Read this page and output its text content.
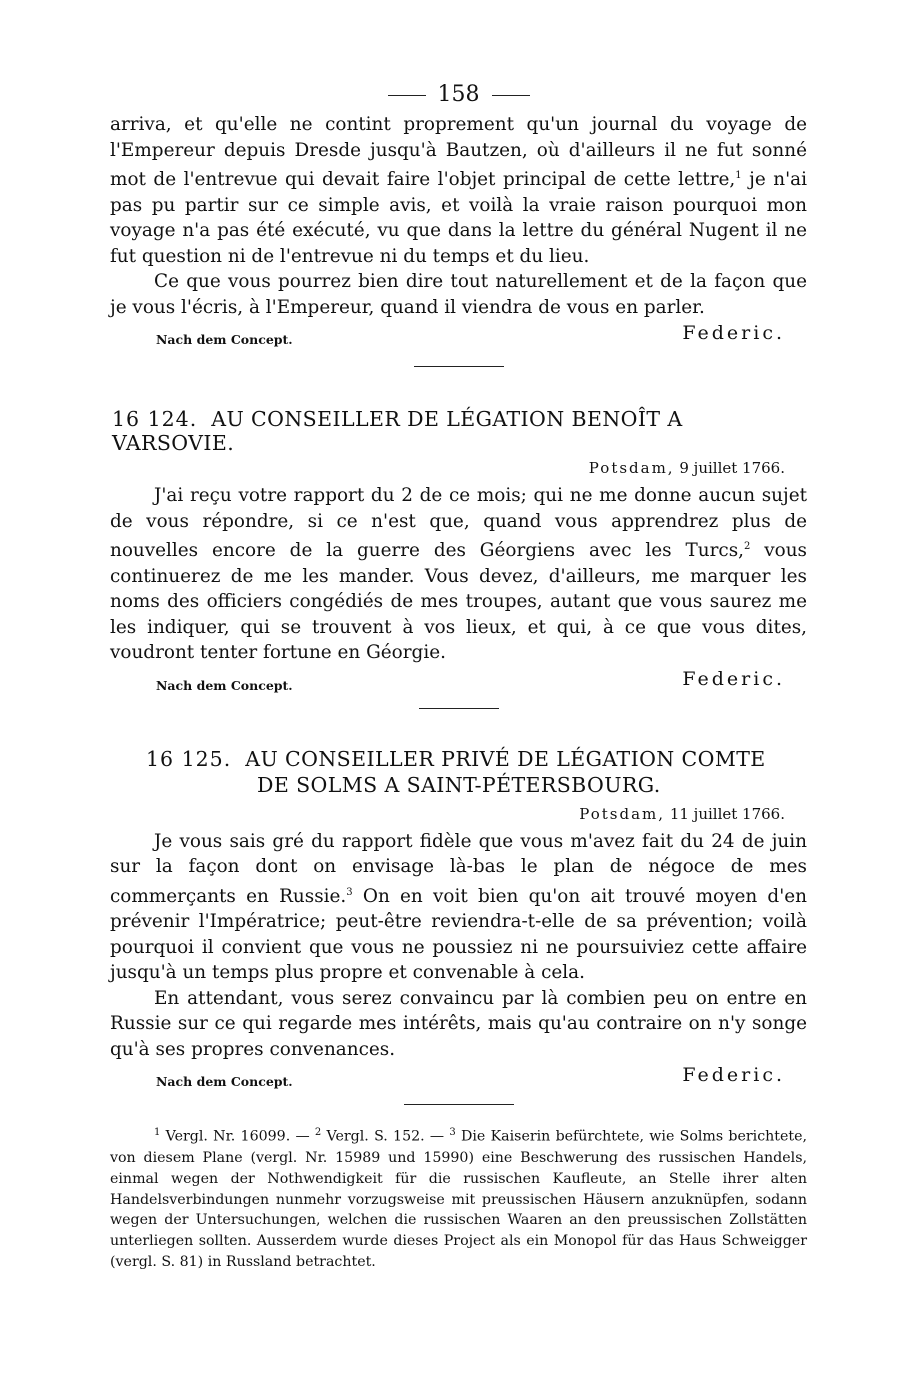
158

arriva, et qu'elle ne contint proprement qu'un journal du voyage de l'Empereur depuis Dresde jusqu'à Bautzen, où d'ailleurs il ne fut sonné mot de l'entrevue qui devait faire l'objet principal de cette lettre,$^1$ je n'ai pas pu partir sur ce simple avis, et voilà la vraie raison pourquoi mon voyage n'a pas été exécuté, vu que dans la lettre du général Nugent il ne fut question ni de l'entrevue ni du temps et du lieu.

Ce que vous pourrez bien dire tout naturellement et de la façon que je vous l'écris, à l'Empereur, quand il viendra de vous en parler.

Nach dem Concept.	Federic.
16 124. AU CONSEILLER DE LÉGATION BENOÎT A VARSOVIE.
Potsdam, 9 juillet 1766.

J'ai reçu votre rapport du 2 de ce mois; qui ne me donne aucun sujet de vous répondre, si ce n'est que, quand vous apprendrez plus de nouvelles encore de la guerre des Géorgiens avec les Turcs,$^2$ vous continuerez de me les mander. Vous devez, d'ailleurs, me marquer les noms des officiers congédiés de mes troupes, autant que vous saurez me les indiquer, qui se trouvent à vos lieux, et qui, à ce que vous dites, voudront tenter fortune en Géorgie.

Nach dem Concept.	Federic.
16 125. AU CONSEILLER PRIVÉ DE LÉGATION COMTE
DE SOLMS A SAINT-PÉTERSBOURG.
Potsdam, 11 juillet 1766.

Je vous sais gré du rapport fidèle que vous m'avez fait du 24 de juin sur la façon dont on envisage là-bas le plan de négoce de mes commerçants en Russie.$^3$ On en voit bien qu'on ait trouvé moyen d'en prévenir l'Impératrice; peut-être reviendra-t-elle de sa prévention; voilà pourquoi il convient que vous ne poussiez ni ne poursuiviez cette affaire jusqu'à un temps plus propre et convenable à cela.

En attendant, vous serez convaincu par là combien peu on entre en Russie sur ce qui regarde mes intérêts, mais qu'au contraire on n'y songe qu'à ses propres convenances.

Nach dem Concept.	Federic.
$^1$ Vergl. Nr. 16099. — $^2$ Vergl. S. 152. — $^3$ Die Kaiserin befürchtete, wie Solms berichtete, von diesem Plane (vergl. Nr. 15989 und 15990) eine Beschwerung des russischen Handels, einmal wegen der Nothwendigkeit für die russischen Kaufleute, an Stelle ihrer alten Handelsverbindungen nunmehr vorzugsweise mit preussischen Häusern anzuknüpfen, sodann wegen der Untersuchungen, welchen die russischen Waaren an den preussischen Zollstätten unterliegen sollten. Ausserdem wurde dieses Project als ein Monopol für das Haus Schweigger (vergl. S. 81) in Russland betrachtet.
